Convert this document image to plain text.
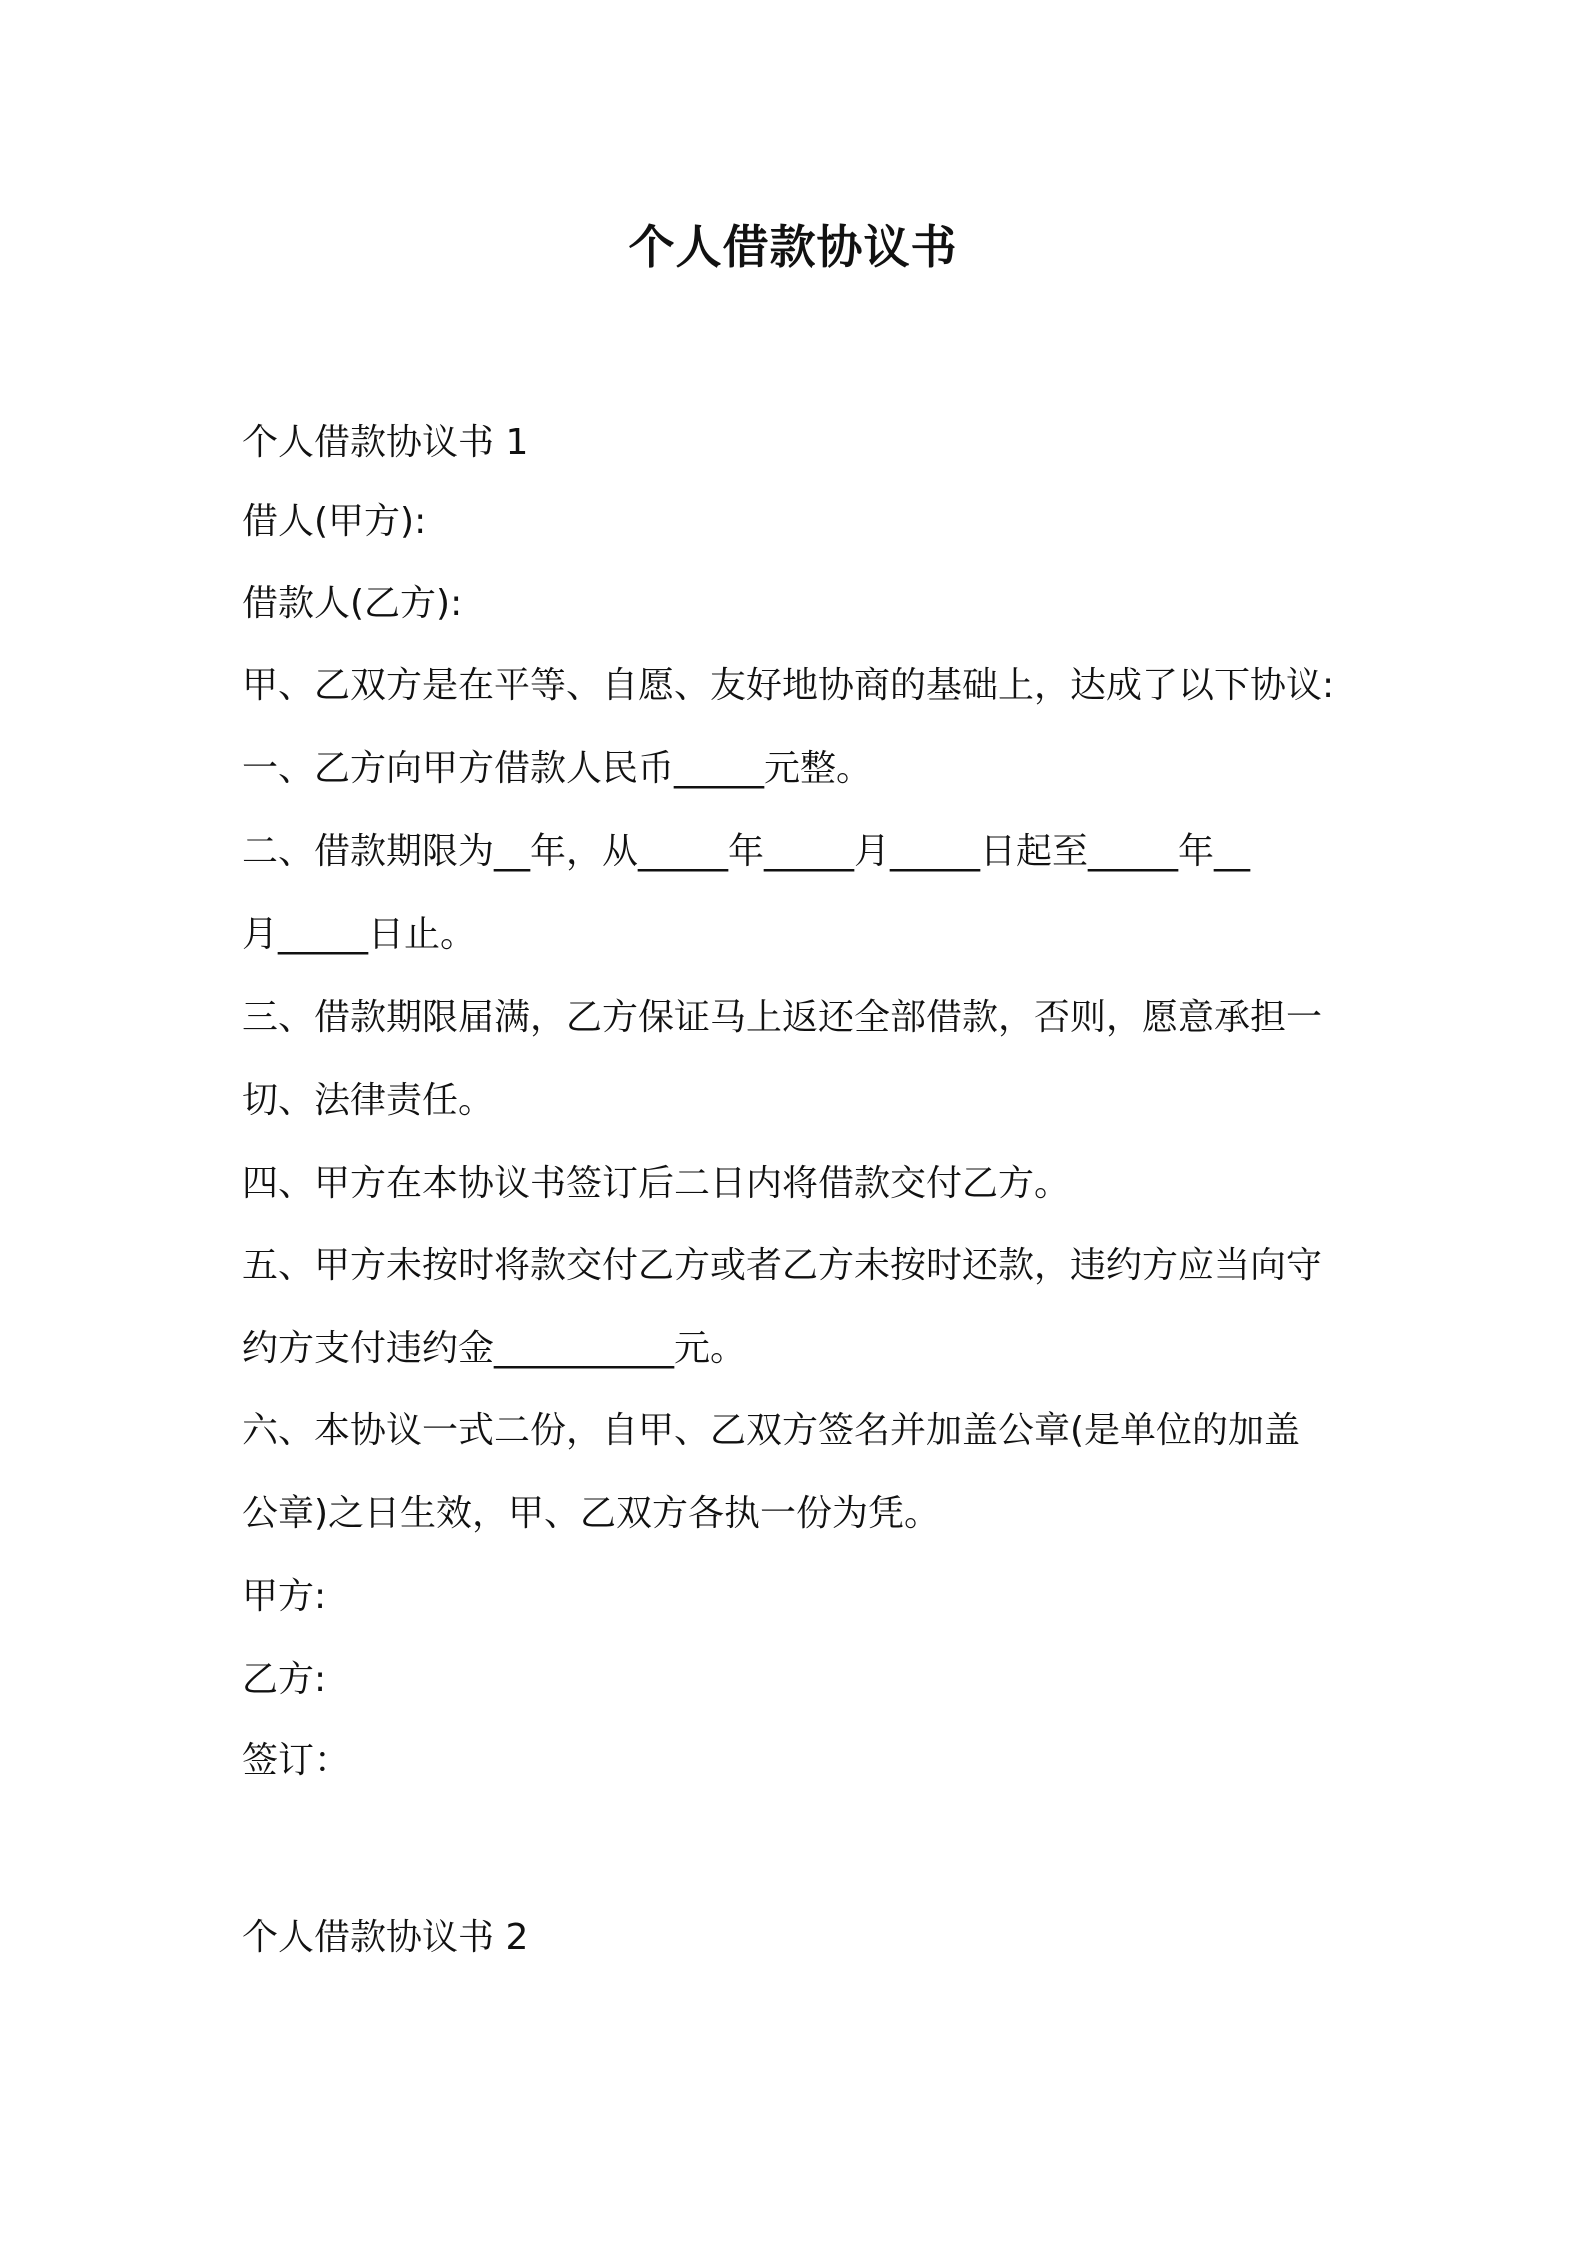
个人借款协议书

个人借款协议书 1

借人(甲方):

借款人(乙方):

甲、乙双方是在平等、自愿、友好地协商的基础上，达成了以下协议:

一、乙方向甲方借款人民币_____元整。

二、借款期限为__年，从_____年_____月_____日起至_____年__

月_____日止。

三、借款期限届满，乙方保证马上返还全部借款，否则，愿意承担一

切、法律责任。

四、甲方在本协议书签订后二日内将借款交付乙方。

五、甲方未按时将款交付乙方或者乙方未按时还款，违约方应当向守

约方支付违约金__________元。

六、本协议一式二份，自甲、乙双方签名并加盖公章(是单位的加盖

公章)之日生效，甲、乙双方各执一份为凭。

甲方:

乙方:

签订：

个人借款协议书 2
